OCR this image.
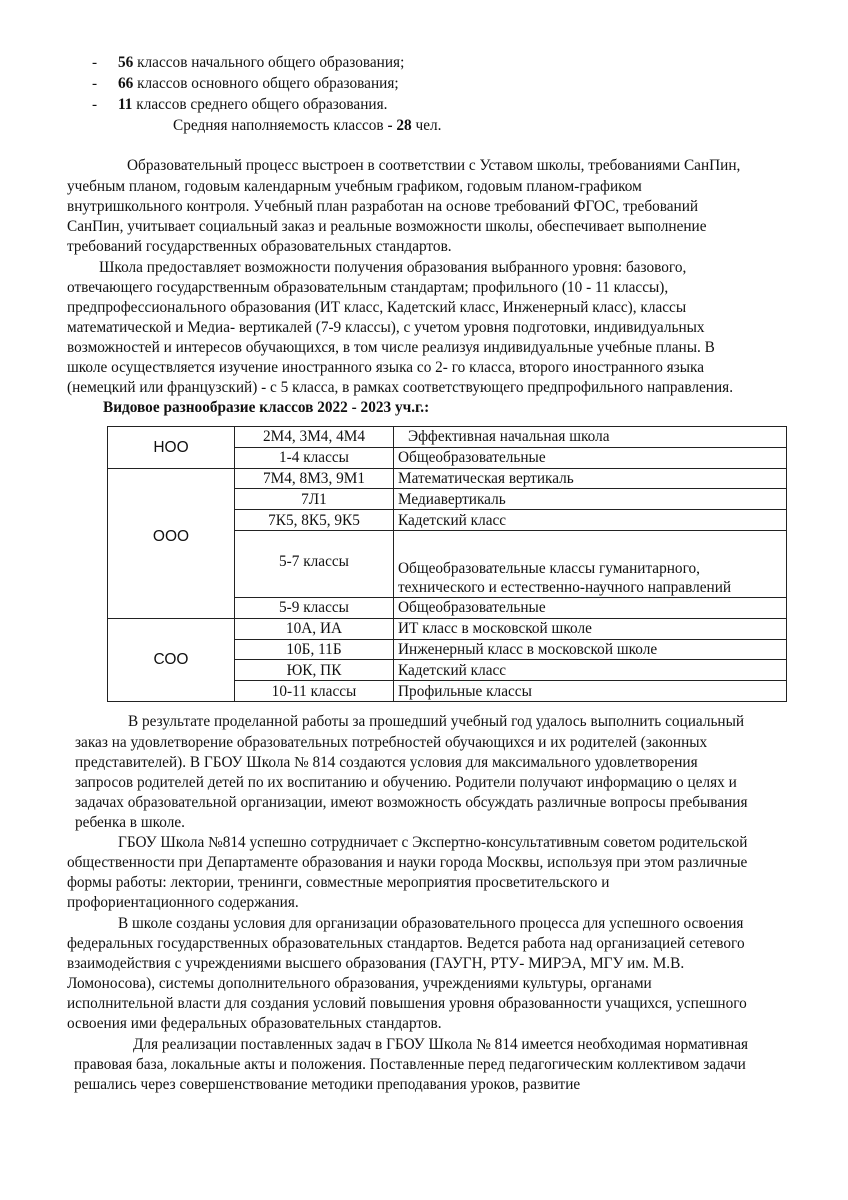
- 56 классов начального общего образования;
- 66 классов основного общего образования;
- 11 классов среднего общего образования.
Средняя наполняемость классов - 28 чел.
Образовательный процесс выстроен в соответствии с Уставом школы, требованиями СанПин,
учебным планом, годовым календарным учебным графиком, годовым планом-графиком
внутришкольного контроля. Учебный план разработан на основе требований ФГОС, требований
СанПин, учитывает социальный заказ и реальные возможности школы, обеспечивает выполнение
требований государственных образовательных стандартов.
Школа предоставляет возможности получения образования выбранного уровня: базового,
отвечающего государственным образовательным стандартам; профильного (10 - 11 классы),
предпрофессионального образования (ИТ класс, Кадетский класс, Инженерный класс), классы
математической и Медиа- вертикалей (7-9 классы), с учетом уровня подготовки, индивидуальных
возможностей и интересов обучающихся, в том числе реализуя индивидуальные учебные планы. В
школе осуществляется изучение иностранного языка со 2- го класса, второго иностранного языка
(немецкий или французский) - с 5 класса, в рамках соответствующего предпрофильного направления.
Видовое разнообразие классов 2022 - 2023 уч.г.:
НОО	2М4, 3М4, 4М4	Эффективная начальная школа
	1-4 классы	Общеобразовательные
ООО	7М4, 8М3, 9М1	Математическая вертикаль
	7Л1	Медиавертикаль
	7К5, 8К5, 9К5	Кадетский класс
	5-7 классы	Общеобразовательные классы гуманитарного,
технического и естественно-научного направлений

	5-9 классы	Общеобразовательные
СОО	10А, ИА	ИТ класс в московской школе
	10Б, 11Б	Инженерный класс в московской школе
	ЮК, ПК	Кадетский класс
	10-11 классы	Профильные классы
В результате проделанной работы за прошедший учебный год удалось выполнить социальный
заказ на удовлетворение образовательных потребностей обучающихся и их родителей (законных
представителей). В ГБОУ Школа № 814 создаются условия для максимального удовлетворения
запросов родителей детей по их воспитанию и обучению. Родители получают информацию о целях и
задачах образовательной организации, имеют возможность обсуждать различные вопросы пребывания
ребенка в школе.
ГБОУ Школа №814 успешно сотрудничает с Экспертно-консультативным советом родительской
общественности при Департаменте образования и науки города Москвы, используя при этом различные
формы работы: лектории, тренинги, совместные мероприятия просветительского и
профориентационного содержания.
В школе созданы условия для организации образовательного процесса для успешного освоения
федеральных государственных образовательных стандартов. Ведется работа над организацией сетевого
взаимодействия с учреждениями высшего образования (ГАУГН, РТУ- МИРЭА, МГУ им. М.В.
Ломоносова), системы дополнительного образования, учреждениями культуры, органами
исполнительной власти для создания условий повышения уровня образованности учащихся, успешного
освоения ими федеральных образовательных стандартов.
Для реализации поставленных задач в ГБОУ Школа № 814 имеется необходимая нормативная
правовая база, локальные акты и положения. Поставленные перед педагогическим коллективом задачи
решались через совершенствование методики преподавания уроков, развитие
